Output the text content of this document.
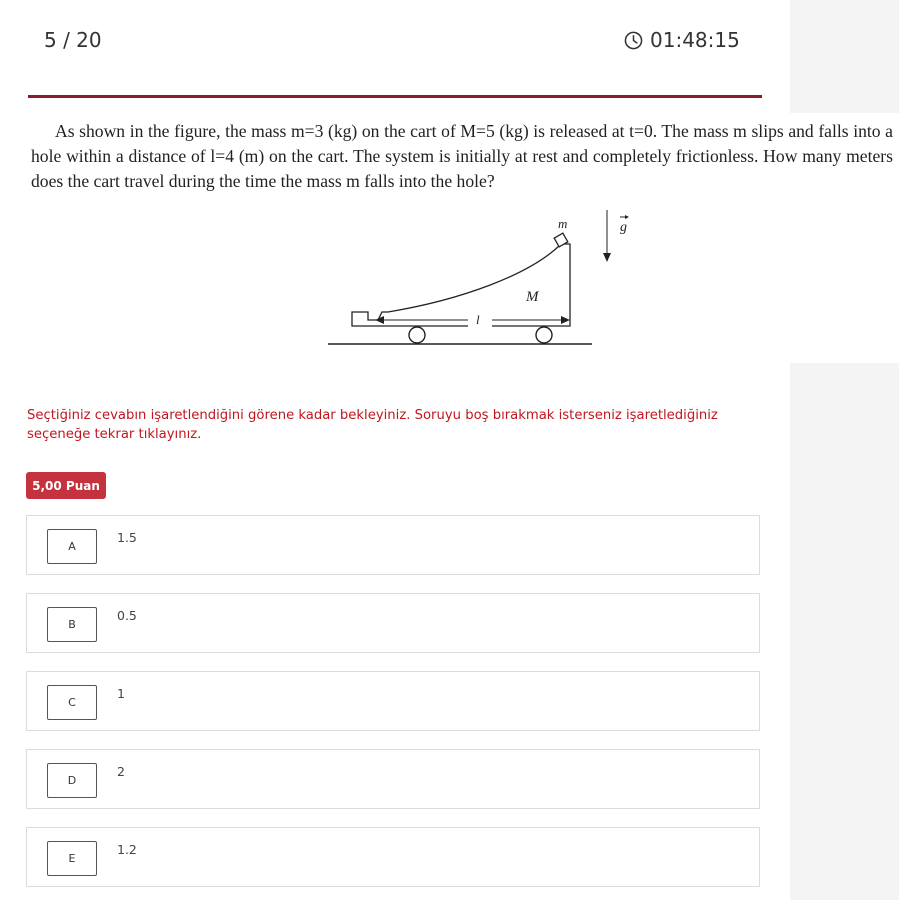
5 / 20	01:48:15

As shown in the figure, the mass m=3 (kg) on the cart of M=5 (kg) is released at t=0. The mass m slips and falls into a hole within a distance of l=4 (m) on the cart. The system is initially at rest and completely frictionless. How many meters does the cart travel during the time the mass m falls into the hole?

l
M
m	g

Seçtiğiniz cevabın işaretlendiğini görene kadar bekleyiniz. Soruyu boş bırakmak isterseniz işaretlediğiniz seçeneğe tekrar tıklayınız.

5,00 Puan
A
1.5
B
0.5
C
1
D
2
E
1.2
